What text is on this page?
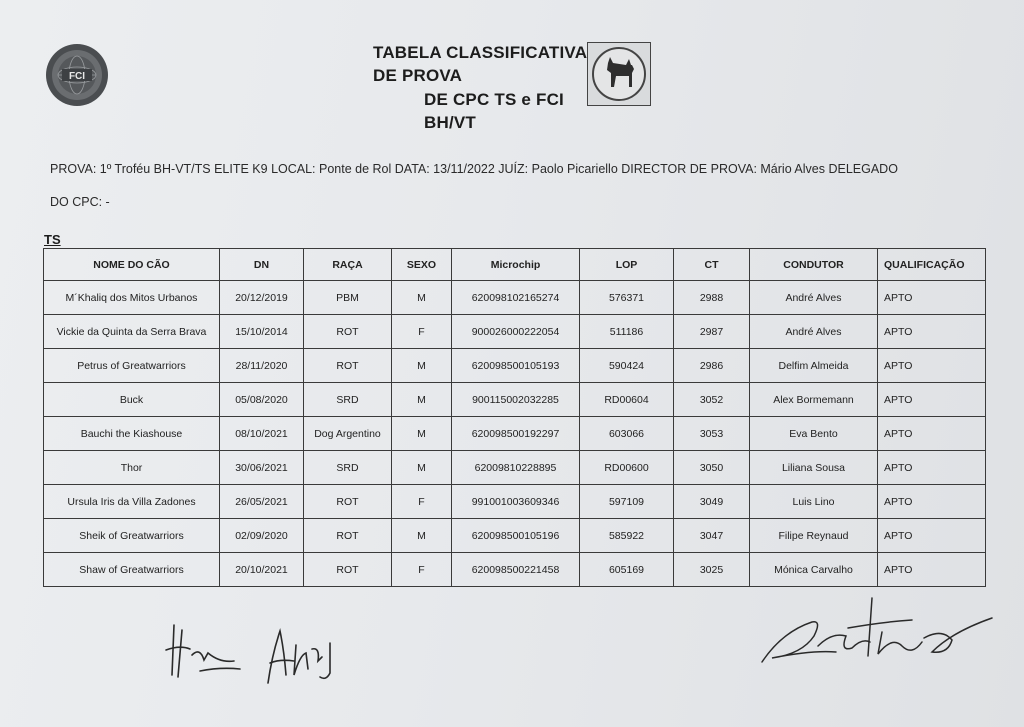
FCI
TABELA CLASSIFICATIVA
DE PROVA
DE CPC TS e FCI
BH/VT
PROVA: 1º Troféu BH-VT/TS ELITE K9 LOCAL: Ponte de Rol DATA: 13/11/2022 JUÍZ: Paolo Picariello DIRECTOR DE PROVA: Mário Alves DELEGADO
DO CPC: -
TS
NOME DO CÃO	DN	RAÇA	SEXO	Microchip	LOP	CT	CONDUTOR	QUALIFICAÇÃO
M´Khaliq dos Mitos Urbanos	20/12/2019	PBM	M	620098102165274	576371	2988	André Alves	APTO
Vickie da Quinta da Serra Brava	15/10/2014	ROT	F	900026000222054	511186	2987	André Alves	APTO
Petrus of Greatwarriors	28/11/2020	ROT	M	620098500105193	590424	2986	Delfim Almeida	APTO
Buck	05/08/2020	SRD	M	900115002032285	RD00604	3052	Alex Bormemann	APTO
Bauchi the Kiashouse	08/10/2021	Dog Argentino	M	620098500192297	603066	3053	Eva Bento	APTO
Thor	30/06/2021	SRD	M	62009810228895	RD00600	3050	Liliana Sousa	APTO
Ursula Iris da Villa Zadones	26/05/2021	ROT	F	991001003609346	597109	3049	Luis Lino	APTO
Sheik of Greatwarriors	02/09/2020	ROT	M	620098500105196	585922	3047	Filipe Reynaud	APTO
Shaw of Greatwarriors	20/10/2021	ROT	F	620098500221458	605169	3025	Mónica Carvalho	APTO
